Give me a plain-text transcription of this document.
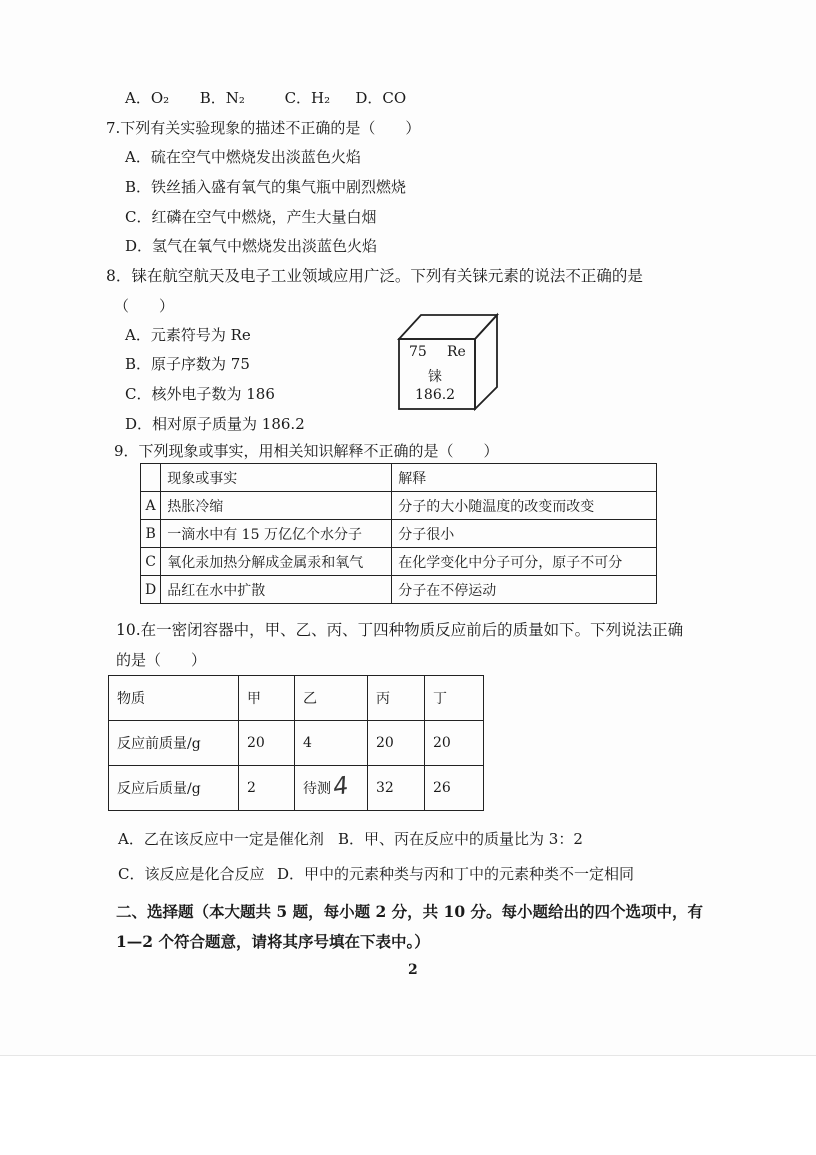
A．O₂ B．N₂	C．H₂ D．CO
7.下列有关实验现象的描述不正确的是（　　）
A．硫在空气中燃烧发出淡蓝色火焰
B．铁丝插入盛有氧气的集气瓶中剧烈燃烧
C．红磷在空气中燃烧，产生大量白烟
D．氢气在氧气中燃烧发出淡蓝色火焰
8．铼在航空航天及电子工业领域应用广泛。下列有关铼元素的说法不正确的是
（　　）
A．元素符号为 Re
B．原子序数为 75
C．核外电子数为 186
D．相对原子质量为 186.2
75 Re
铼
186.2
9．下列现象或事实，用相关知识解释不正确的是（　　）
	现象或事实	解释
A	热胀冷缩	分子的大小随温度的改变而改变
B	一滴水中有 15 万亿亿个水分子	分子很小
C	氧化汞加热分解成金属汞和氧气	在化学变化中分子可分，原子不可分
D	品红在水中扩散	分子在不停运动
10.在一密闭容器中，甲、乙、丙、丁四种物质反应前后的质量如下。下列说法正确
的是（　　）
物质	甲	乙	丙	丁
反应前质量/g	20	4	20	20
反应后质量/g	2	待测 4	32	26
A．乙在该反应中一定是催化剂 B．甲、丙在反应中的质量比为 3：2
C．该反应是化合反应 D．甲中的元素种类与丙和丁中的元素种类不一定相同
二、选择题（本大题共 5 题，每小题 2 分，共 10 分。每小题给出的四个选项中，有
1—2 个符合题意，请将其序号填在下表中。）
2
